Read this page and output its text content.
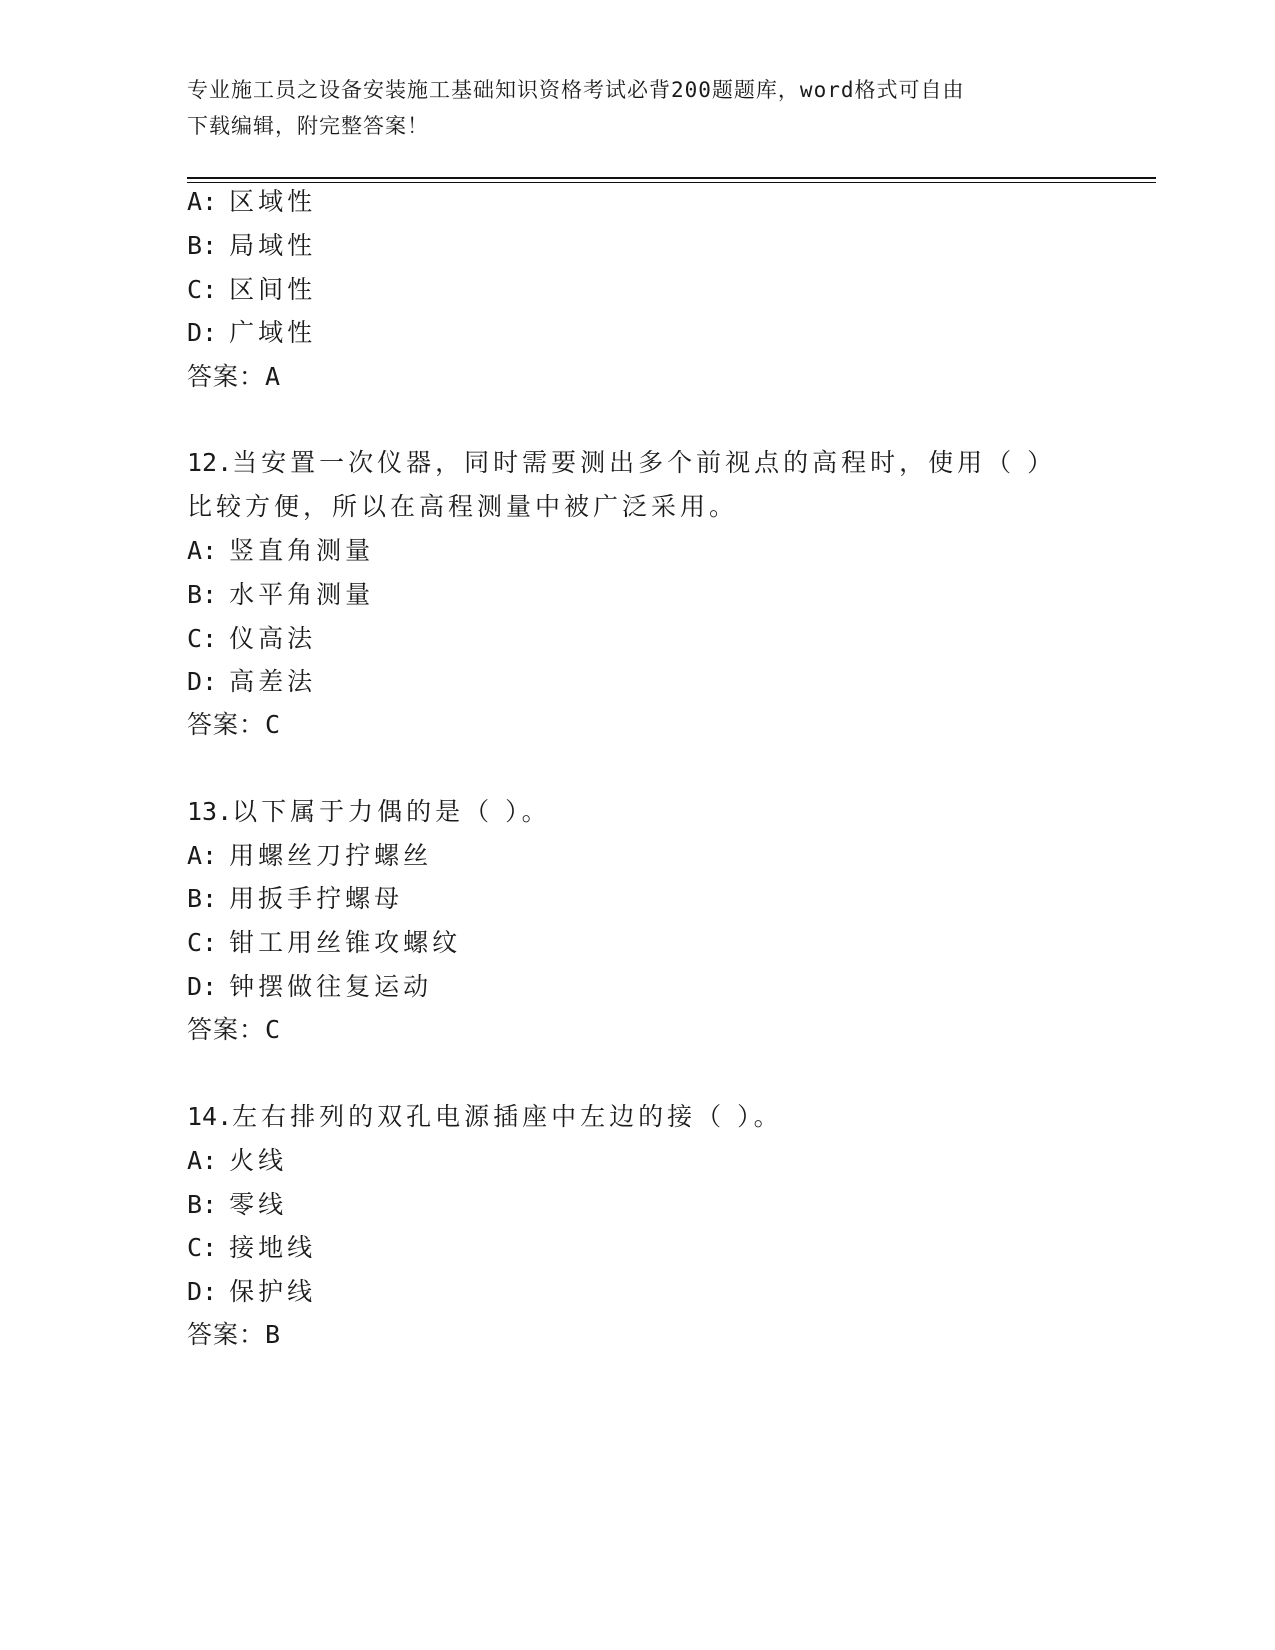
专业施工员之设备安装施工基础知识资格考试必背200题题库，word格式可自由
下载编辑，附完整答案！
A: 区域性
B: 局域性
C: 区间性
D: 广域性
答案：A
12.当安置一次仪器，同时需要测出多个前视点的高程时，使用（ ）
比较方便，所以在高程测量中被广泛采用。
A: 竖直角测量
B: 水平角测量
C: 仪高法
D: 高差法
答案：C
13.以下属于力偶的是（ ）。
A: 用螺丝刀拧螺丝
B: 用扳手拧螺母
C: 钳工用丝锥攻螺纹
D: 钟摆做往复运动
答案：C
14.左右排列的双孔电源插座中左边的接（ ）。
A: 火线
B: 零线
C: 接地线
D: 保护线
答案：B
